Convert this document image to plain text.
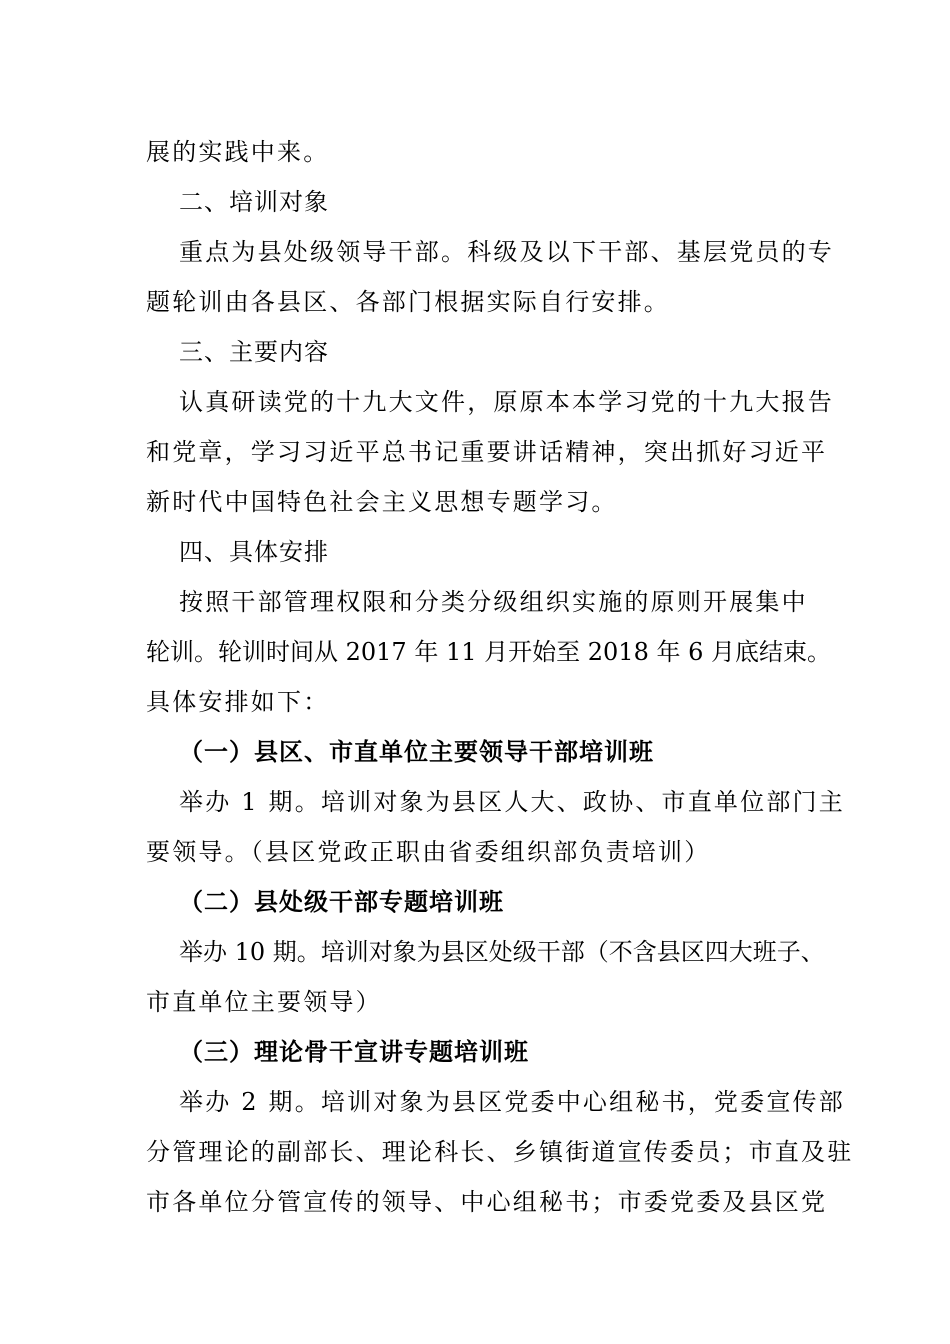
展的实践中来。
二、培训对象
重点为县处级领导干部。科级及以下干部、基层党员的专
题轮训由各县区、各部门根据实际自行安排。
三、主要内容
认真研读党的十九大文件，原原本本学习党的十九大报告
和党章，学习习近平总书记重要讲话精神，突出抓好习近平
新时代中国特色社会主义思想专题学习。
四、具体安排
按照干部管理权限和分类分级组织实施的原则开展集中
轮训。轮训时间从 2017 年 11 月开始至 2018 年 6 月底结束。
具体安排如下：
（一）县区、市直单位主要领导干部培训班
举办 1 期。培训对象为县区人大、政协、市直单位部门主
要领导。（县区党政正职由省委组织部负责培训）
（二）县处级干部专题培训班
举办 10 期。培训对象为县区处级干部（不含县区四大班子、
市直单位主要领导）
（三）理论骨干宣讲专题培训班
举办 2 期。培训对象为县区党委中心组秘书，党委宣传部
分管理论的副部长、理论科长、乡镇街道宣传委员；市直及驻
市各单位分管宣传的领导、中心组秘书；市委党委及县区党
